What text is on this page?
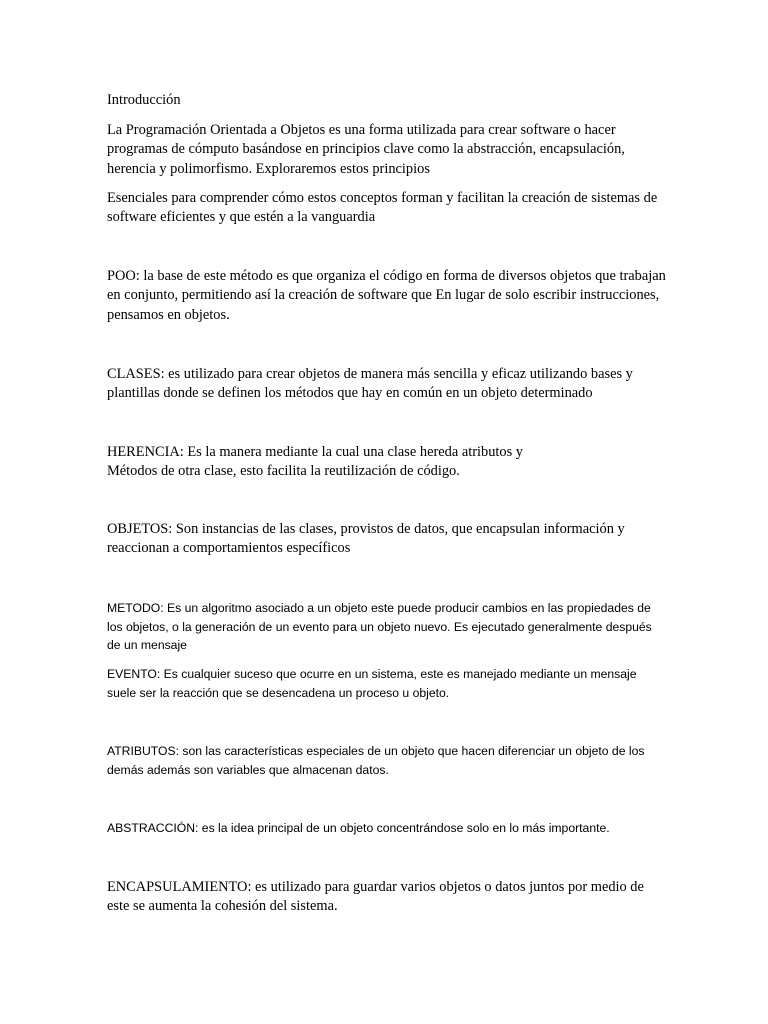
Introducción
La Programación Orientada a Objetos es una forma utilizada para crear software o hacer programas de cómputo basándose en principios clave como la abstracción, encapsulación, herencia y polimorfismo. Exploraremos estos principios
Esenciales para comprender cómo estos conceptos forman y facilitan la creación de sistemas de software eficientes y que estén a la vanguardia
POO: la base de este método es que organiza el código en forma de diversos objetos que trabajan en conjunto, permitiendo así la creación de software que En lugar de solo escribir instrucciones, pensamos en objetos.
CLASES: es utilizado para crear objetos de manera más sencilla y eficaz utilizando bases y plantillas donde se definen los métodos que hay en común en un objeto determinado
HERENCIA: Es la manera mediante la cual una clase hereda atributos y
Métodos de otra clase, esto facilita la reutilización de código.
OBJETOS: Son instancias de las clases, provistos de datos, que encapsulan información y reaccionan a comportamientos específicos
METODO: Es un algoritmo asociado a un objeto este puede producir cambios en las propiedades de los objetos, o la generación de un evento para un objeto nuevo. Es ejecutado generalmente después de un mensaje
EVENTO: Es cualquier suceso que ocurre en un sistema, este es manejado mediante un mensaje suele ser la reacción que se desencadena un proceso u objeto.
ATRIBUTOS: son las características especiales de un objeto que hacen diferenciar un objeto de los demás además son variables que almacenan datos.
ABSTRACCIÓN: es la idea principal de un objeto concentrándose solo en lo más importante.
ENCAPSULAMIENTO: es utilizado para guardar varios objetos o datos juntos por medio de este se aumenta la cohesión del sistema.
